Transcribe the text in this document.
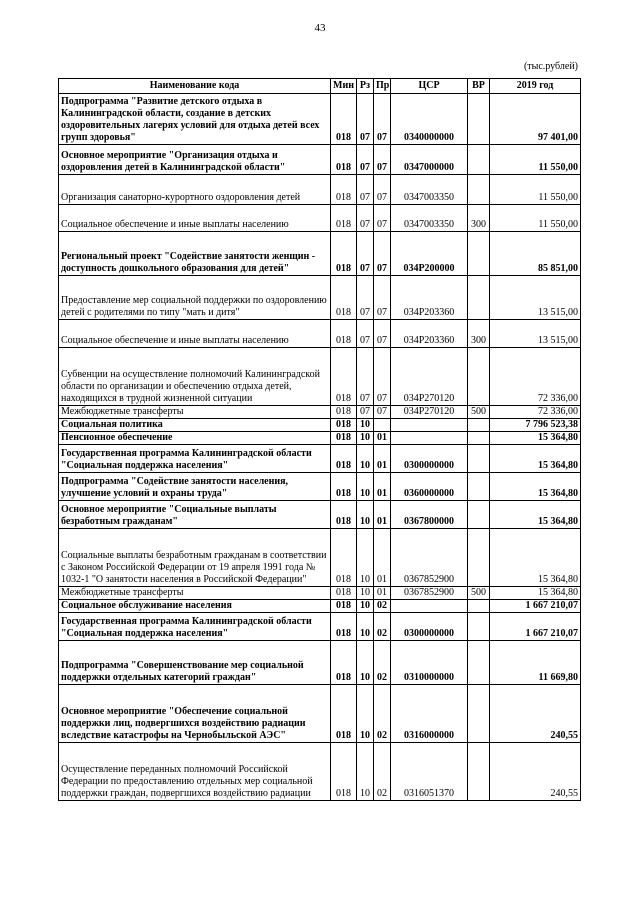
43
(тыс.рублей)
Наименование кода	Мин	Рз	Пр	ЦСР	ВР	2019 год
Подпрограмма "Развитие детского отдыха в Калининградской области, создание в детских оздоровительных лагерях условий для отдыха детей всех групп здоровья"	018	07	07	0340000000		97 401,00
Основное мероприятие "Организация отдыха и оздоровления детей в Калининградской области"	018	07	07	0347000000		11 550,00
Организация санаторно-курортного оздоровления детей	018	07	07	0347003350		11 550,00
Социальное обеспечение и иные выплаты населению	018	07	07	0347003350	300	11 550,00
Региональный проект "Содействие занятости женщин - доступность дошкольного образования для детей"	018	07	07	034P200000		85 851,00
Предоставление мер социальной поддержки по оздоровлению детей с родителями по типу "мать и дитя"	018	07	07	034P203360		13 515,00
Социальное обеспечение и иные выплаты населению	018	07	07	034P203360	300	13 515,00
Субвенции на осуществление полномочий Калининградской области по организации и обеспечению отдыха детей, находящихся в трудной жизненной ситуации	018	07	07	034P270120		72 336,00
Межбюджетные трансферты	018	07	07	034P270120	500	72 336,00
Социальная политика	018	10				7 796 523,38
Пенсионное обеспечение	018	10	01			15 364,80
Государственная программа Калининградской области "Социальная поддержка населения"	018	10	01	0300000000		15 364,80
Подпрограмма "Содействие занятости населения, улучшение условий и охраны труда"	018	10	01	0360000000		15 364,80
Основное мероприятие "Социальные выплаты безработным гражданам"	018	10	01	0367800000		15 364,80
Социальные выплаты безработным гражданам в соответствии с Законом Российской Федерации от 19 апреля 1991 года № 1032-1 "О занятости населения в Российской Федерации"	018	10	01	0367852900		15 364,80
Межбюджетные трансферты	018	10	01	0367852900	500	15 364,80
Социальное обслуживание населения	018	10	02			1 667 210,07
Государственная программа Калининградской области "Социальная поддержка населения"	018	10	02	0300000000		1 667 210,07
Подпрограмма "Совершенствование мер социальной поддержки отдельных категорий граждан"	018	10	02	0310000000		11 669,80
Основное мероприятие "Обеспечение социальной поддержки лиц, подвергшихся воздействию радиации вследствие катастрофы на Чернобыльской АЭС"	018	10	02	0316000000		240,55
Осуществление переданных полномочий Российской Федерации по предоставлению отдельных мер социальной поддержки граждан, подвергшихся воздействию радиации	018	10	02	0316051370		240,55
